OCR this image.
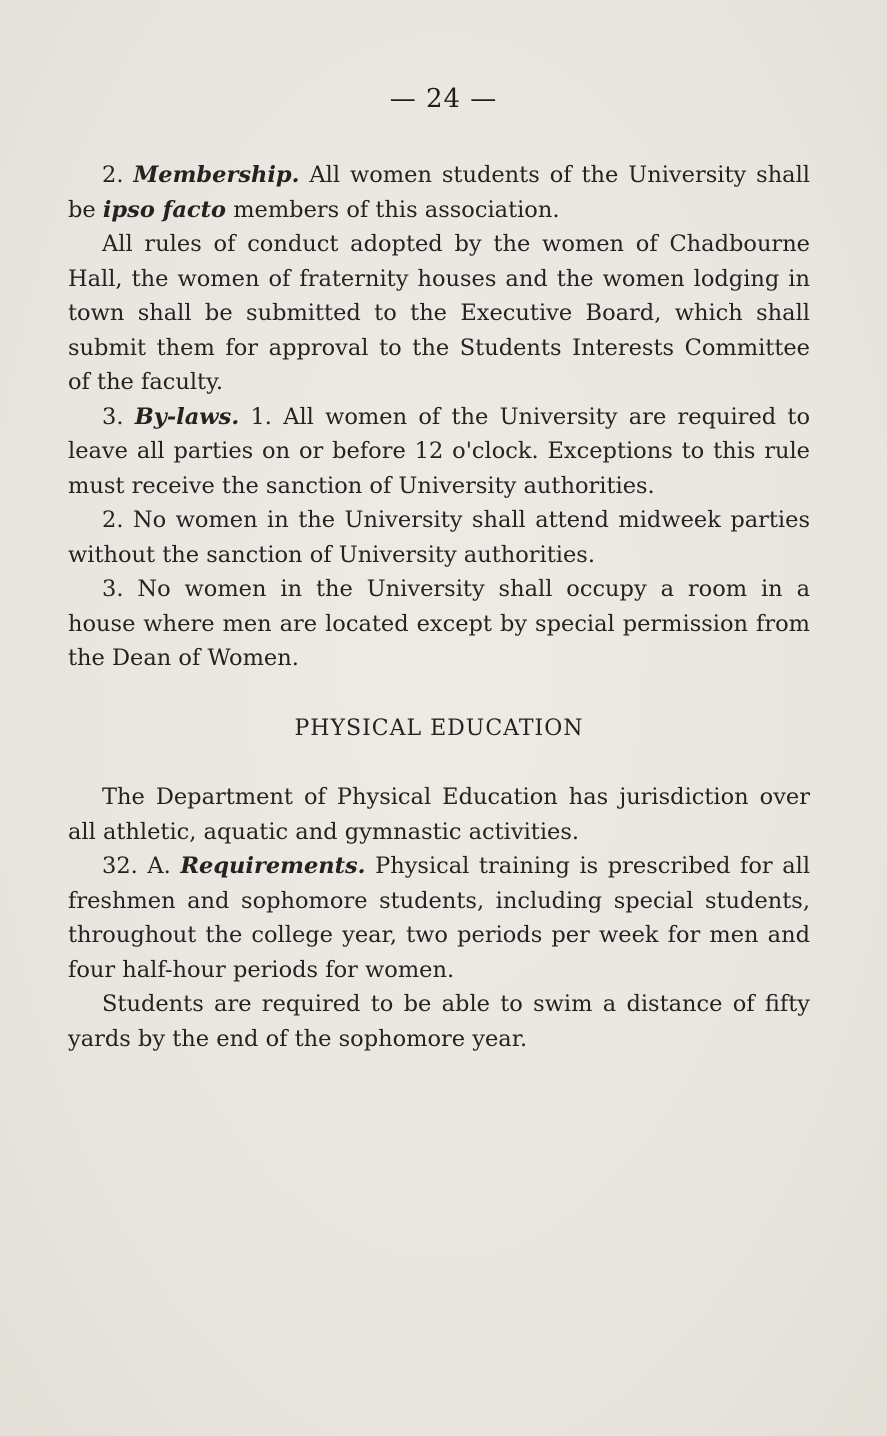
— 24 —

2. Membership. All women students of the University shall be ipso facto members of this association.

All rules of conduct adopted by the women of Chadbourne Hall, the women of fraternity houses and the women lodging in town shall be submitted to the Executive Board, which shall submit them for approval to the Students Interests Committee of the faculty.

3. By-laws. 1. All women of the University are required to leave all parties on or before 12 o'clock. Exceptions to this rule must receive the sanction of University authorities.

2. No women in the University shall attend midweek parties without the sanction of University authorities.

3. No women in the University shall occupy a room in a house where men are located except by special permission from the Dean of Women.

PHYSICAL EDUCATION

The Department of Physical Education has jurisdiction over all athletic, aquatic and gymnastic activities.

32. A. Requirements. Physical training is prescribed for all freshmen and sophomore students, including special students, throughout the college year, two periods per week for men and four half-hour periods for women.

Students are required to be able to swim a distance of fifty yards by the end of the sophomore year.
